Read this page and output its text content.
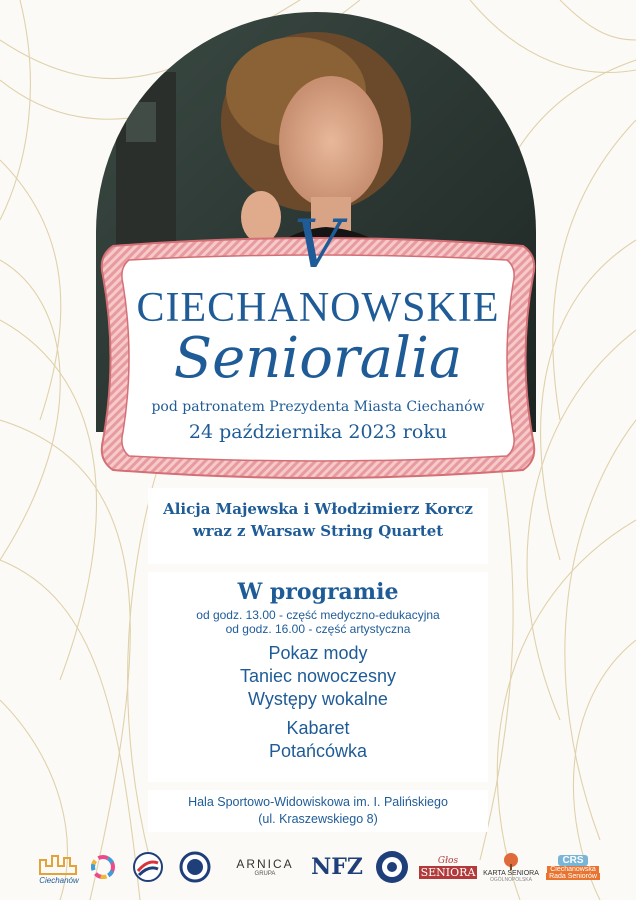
V
CIECHANOWSKIE
Senioralia
pod patronatem Prezydenta Miasta Ciechanów
24 października 2023 roku
Alicja Majewska i Włodzimierz Korcz
wraz z Warsaw String Quartet
W programie
od godz. 13.00 - część medyczno-edukacyjna
od godz. 16.00 - część artystyczna
Pokaz mody
Taniec nowoczesny
Występy wokalne
Kabaret
Potańcówka
Hala Sportowo-Widowiskowa im. I. Palińskiego
(ul. Kraszewskiego 8)
Ciechanów
ARNICA
GRUPA NFZ	Głos
SENIORA KARTA SENIORA
OGÓLNOPOLSKA
CRS
Ciechanowska
Rada Seniorów
